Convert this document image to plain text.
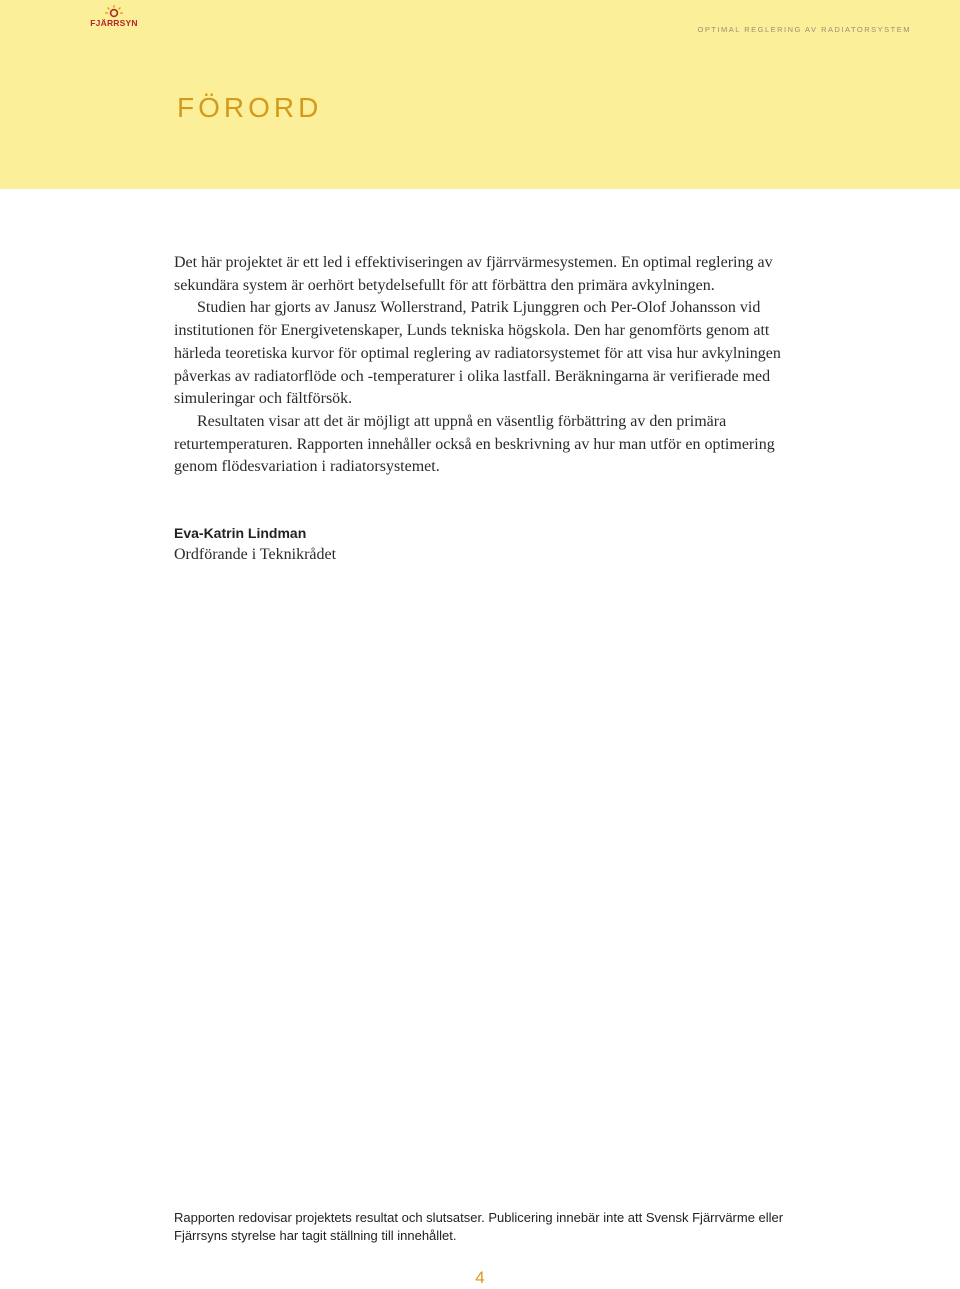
FJÄRRSYN
OPTIMAL REGLERING AV RADIATORSYSTEM
FÖRORD

Det här projektet är ett led i effektiviseringen av fjärrvärmesystemen. En optimal reglering av sekundära system är oerhört betydelsefullt för att förbättra den primära avkylningen.

Studien har gjorts av Janusz Wollerstrand, Patrik Ljunggren och Per-Olof Johansson vid institutionen för Energivetenskaper, Lunds tekniska högskola. Den har genomförts genom att härleda teoretiska kurvor för optimal reglering av radiatorsystemet för att visa hur avkylningen påverkas av radiatorflöde och -temperaturer i olika lastfall. Beräkningarna är verifierade med simuleringar och fältförsök.

Resultaten visar att det är möjligt att uppnå en väsentlig förbättring av den primära returtemperaturen. Rapporten innehåller också en beskrivning av hur man utför en optimering genom flödesvariation i radiatorsystemet.

Eva-Katrin Lindman
Ordförande i Teknikrådet
Rapporten redovisar projektets resultat och slutsatser. Publicering innebär inte att Svensk Fjärrvärme eller Fjärrsyns styrelse har tagit ställning till innehållet.
4
